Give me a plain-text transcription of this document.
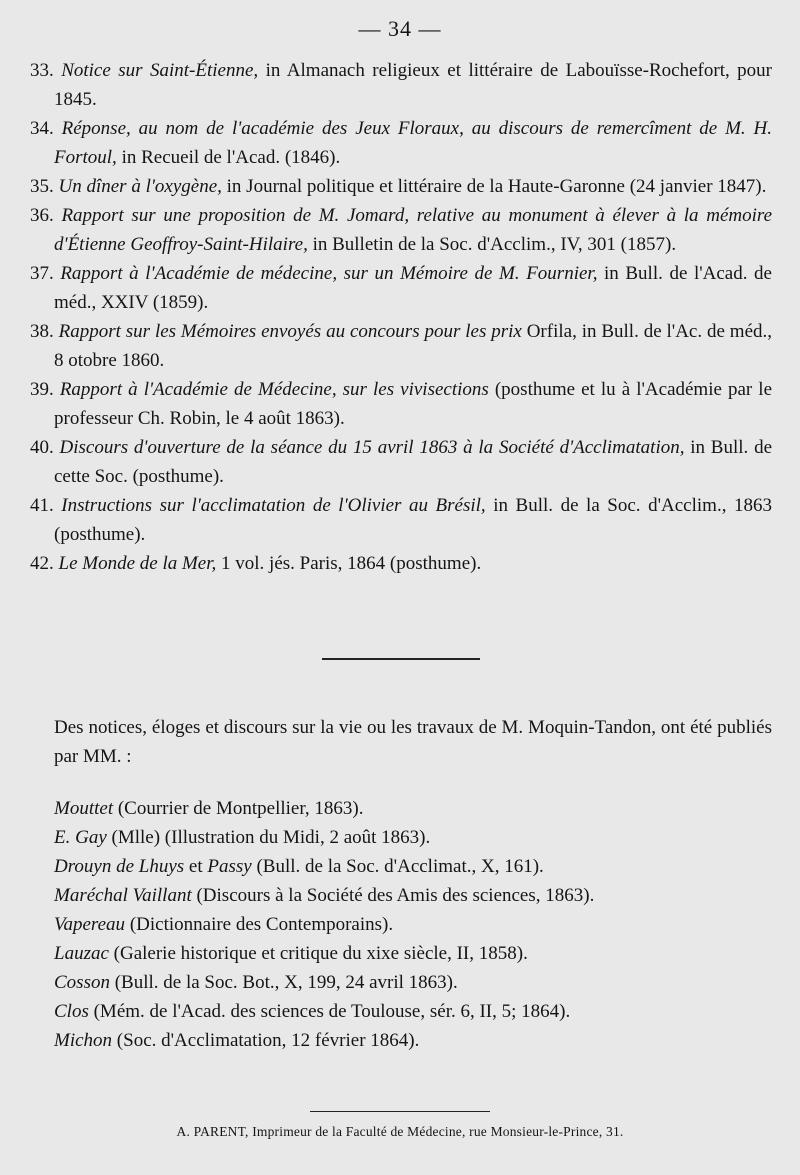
— 34 —
33. Notice sur Saint-Étienne, in Almanach religieux et littéraire de Labouïsse-Rochefort, pour 1845.
34. Réponse, au nom de l'académie des Jeux Floraux, au discours de remercîment de M. H. Fortoul, in Recueil de l'Acad. (1846).
35. Un dîner à l'oxygène, in Journal politique et littéraire de la Haute-Garonne (24 janvier 1847).
36. Rapport sur une proposition de M. Jomard, relative au monument à élever à la mémoire d'Étienne Geoffroy-Saint-Hilaire, in Bulletin de la Soc. d'Acclim., IV, 301 (1857).
37. Rapport à l'Académie de médecine, sur un Mémoire de M. Fournier, in Bull. de l'Acad. de méd., XXIV (1859).
38. Rapport sur les Mémoires envoyés au concours pour les prix Orfila, in Bull. de l'Ac. de méd., 8 otobre 1860.
39. Rapport à l'Académie de Médecine, sur les vivisections (posthume et lu à l'Académie par le professeur Ch. Robin, le 4 août 1863).
40. Discours d'ouverture de la séance du 15 avril 1863 à la Société d'Acclimatation, in Bull. de cette Soc. (posthume).
41. Instructions sur l'acclimatation de l'Olivier au Brésil, in Bull. de la Soc. d'Acclim., 1863 (posthume).
42. Le Monde de la Mer, 1 vol. jés. Paris, 1864 (posthume).
Des notices, éloges et discours sur la vie ou les travaux de M. Moquin-Tandon, ont été publiés par MM. :
Mouttet (Courrier de Montpellier, 1863).
E. Gay (Mlle) (Illustration du Midi, 2 août 1863).
Drouyn de Lhuys et Passy (Bull. de la Soc. d'Acclimat., X, 161).
Maréchal Vaillant (Discours à la Société des Amis des sciences, 1863).
Vapereau (Dictionnaire des Contemporains).
Lauzac (Galerie historique et critique du xixe siècle, II, 1858).
Cosson (Bull. de la Soc. Bot., X, 199, 24 avril 1863).
Clos (Mém. de l'Acad. des sciences de Toulouse, sér. 6, II, 5; 1864).
Michon (Soc. d'Acclimatation, 12 février 1864).
A. PARENT, Imprimeur de la Faculté de Médecine, rue Monsieur-le-Prince, 31.
